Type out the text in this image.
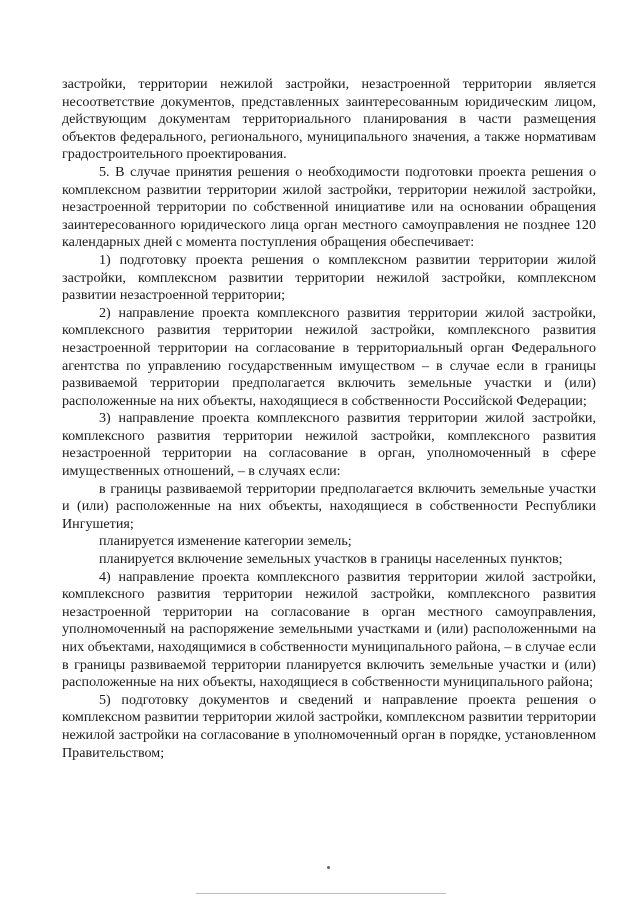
застройки, территории нежилой застройки, незастроенной территории является несоответствие документов, представленных заинтересованным юридическим лицом, действующим документам территориального планирования в части размещения объектов федерального, регионального, муниципального значения, а также нормативам градостроительного проектирования.

5. В случае принятия решения о необходимости подготовки проекта решения о комплексном развитии территории жилой застройки, территории нежилой застройки, незастроенной территории по собственной инициативе или на основании обращения заинтересованного юридического лица орган местного самоуправления не позднее 120 календарных дней с момента поступления обращения обеспечивает:

1) подготовку проекта решения о комплексном развитии территории жилой застройки, комплексном развитии территории нежилой застройки, комплексном развитии незастроенной территории;

2) направление проекта комплексного развития территории жилой застройки, комплексного развития территории нежилой застройки, комплексного развития незастроенной территории на согласование в территориальный орган Федерального агентства по управлению государственным имуществом – в случае если в границы развиваемой территории предполагается включить земельные участки и (или) расположенные на них объекты, находящиеся в собственности Российской Федерации;

3) направление проекта комплексного развития территории жилой застройки, комплексного развития территории нежилой застройки, комплексного развития незастроенной территории на согласование в орган, уполномоченный в сфере имущественных отношений, – в случаях если:

в границы развиваемой территории предполагается включить земельные участки и (или) расположенные на них объекты, находящиеся в собственности Республики Ингушетия;

планируется изменение категории земель;

планируется включение земельных участков в границы населенных пунктов;

4) направление проекта комплексного развития территории жилой застройки, комплексного развития территории нежилой застройки, комплексного развития незастроенной территории на согласование в орган местного самоуправления, уполномоченный на распоряжение земельными участками и (или) расположенными на них объектами, находящимися в собственности муниципального района, – в случае если в границы развиваемой территории планируется включить земельные участки и (или) расположенные на них объекты, находящиеся в собственности муниципального района;

5) подготовку документов и сведений и направление проекта решения о комплексном развитии территории жилой застройки, комплексном развитии территории нежилой застройки на согласование в уполномоченный орган в порядке, установленном Правительством;
